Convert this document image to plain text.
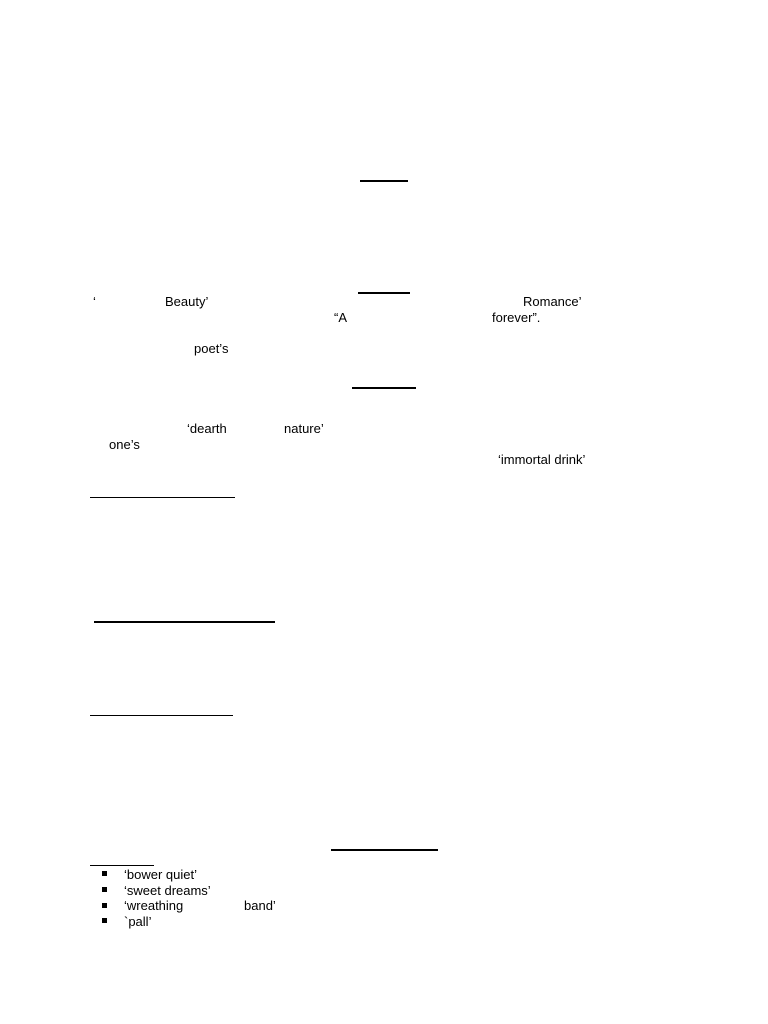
‘	Beauty’	Romance’
“A	forever”.
poet’s
‘dearth	nature’
one’s
‘immortal drink’
‘bower quiet’
‘sweet dreams’
‘wreathing	band’
`pall’
